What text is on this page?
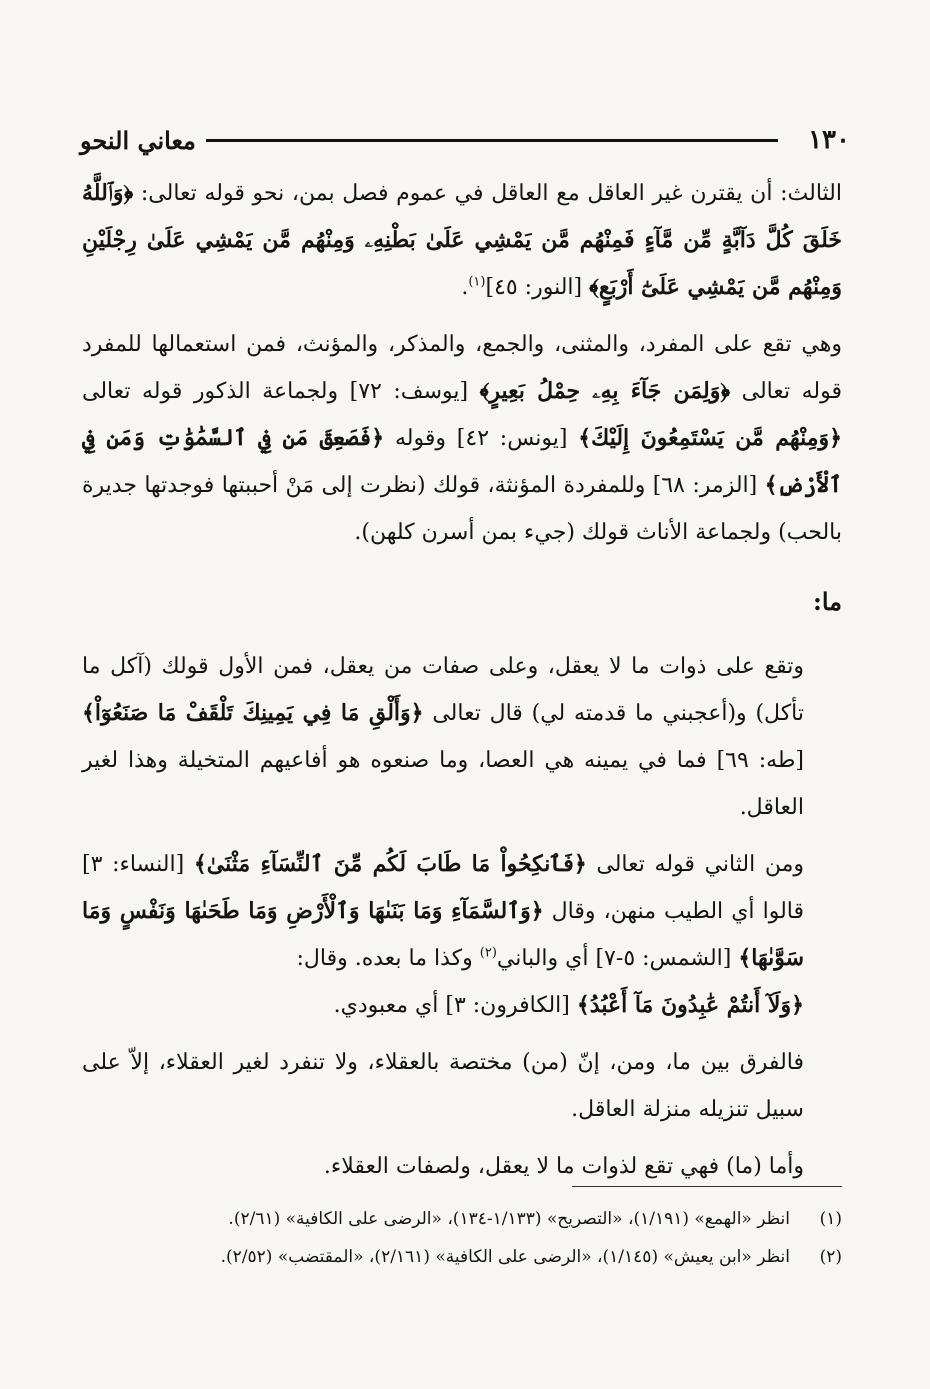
١٣٠
معاني النحو

الثالث: أن يقترن غير العاقل مع العاقل في عموم فصل بمن، نحو قوله تعالى: ﴿وَٱللَّهُ خَلَقَ كُلَّ دَآبَّةٍ مِّن مَّآءٍ فَمِنْهُم مَّن يَمْشِي عَلَىٰ بَطْنِهِۦ وَمِنْهُم مَّن يَمْشِي عَلَىٰ رِجْلَيْنِ وَمِنْهُم مَّن يَمْشِي عَلَىٰٓ أَرْبَعٍ﴾ [النور: ٤٥]$^{(١)}$.

وهي تقع على المفرد، والمثنى، والجمع، والمذكر، والمؤنث، فمن استعمالها للمفرد قوله تعالى ﴿وَلِمَن جَآءَ بِهِۦ حِمْلُ بَعِيرٍ﴾ [يوسف: ٧٢] ولجماعة الذكور قوله تعالى ﴿وَمِنْهُم مَّن يَسْتَمِعُونَ إِلَيْكَ﴾ [يونس: ٤٢] وقوله ﴿فَصَعِقَ مَن فِي ٱلسَّمَٰوَٰتِ وَمَن فِي ٱلْأَرْضِ﴾ [الزمر: ٦٨] وللمفردة المؤنثة، قولك (نظرت إلى مَنْ أحببتها فوجدتها جديرة بالحب) ولجماعة الأناث قولك (جيء بمن أسرن كلهن).

ما:

وتقع على ذوات ما لا يعقل، وعلى صفات من يعقل، فمن الأول قولك (آكل ما تأكل) و(أعجبني ما قدمته لي) قال تعالى ﴿وَأَلْقِ مَا فِي يَمِينِكَ تَلْقَفْ مَا صَنَعُوٓاْ﴾ [طه: ٦٩] فما في يمينه هي العصا، وما صنعوه هو أفاعيهم المتخيلة وهذا لغير العاقل.

ومن الثاني قوله تعالى ﴿فَٱنكِحُواْ مَا طَابَ لَكُم مِّنَ ٱلنِّسَآءِ مَثْنَىٰ﴾ [النساء: ٣] قالوا أي الطيب منهن، وقال ﴿وَٱلسَّمَآءِ وَمَا بَنَىٰهَا وَٱلْأَرْضِ وَمَا طَحَىٰهَا وَنَفْسٍ وَمَا سَوَّىٰهَا﴾ [الشمس: ٥-٧] أي والباني$^{(٢)}$ وكذا ما بعده. وقال:

﴿وَلَآ أَنتُمْ عَٰبِدُونَ مَآ أَعْبُدُ﴾ [الكافرون: ٣] أي معبودي.

فالفرق بين ما، ومن، إنّ (من) مختصة بالعقلاء، ولا تنفرد لغير العقلاء، إلاّ على سبيل تنزيله منزلة العاقل.

وأما (ما) فهي تقع لذوات ما لا يعقل، ولصفات العقلاء.

(١)انظر «الهمع» (١/١٩١)، «التصريح» (١/١٣٣-١٣٤)، «الرضى على الكافية» (٢/٦١).

(٢)انظر «ابن يعيش» (١/١٤٥)، «الرضى على الكافية» (٢/١٦١)، «المقتضب» (٢/٥٢).
